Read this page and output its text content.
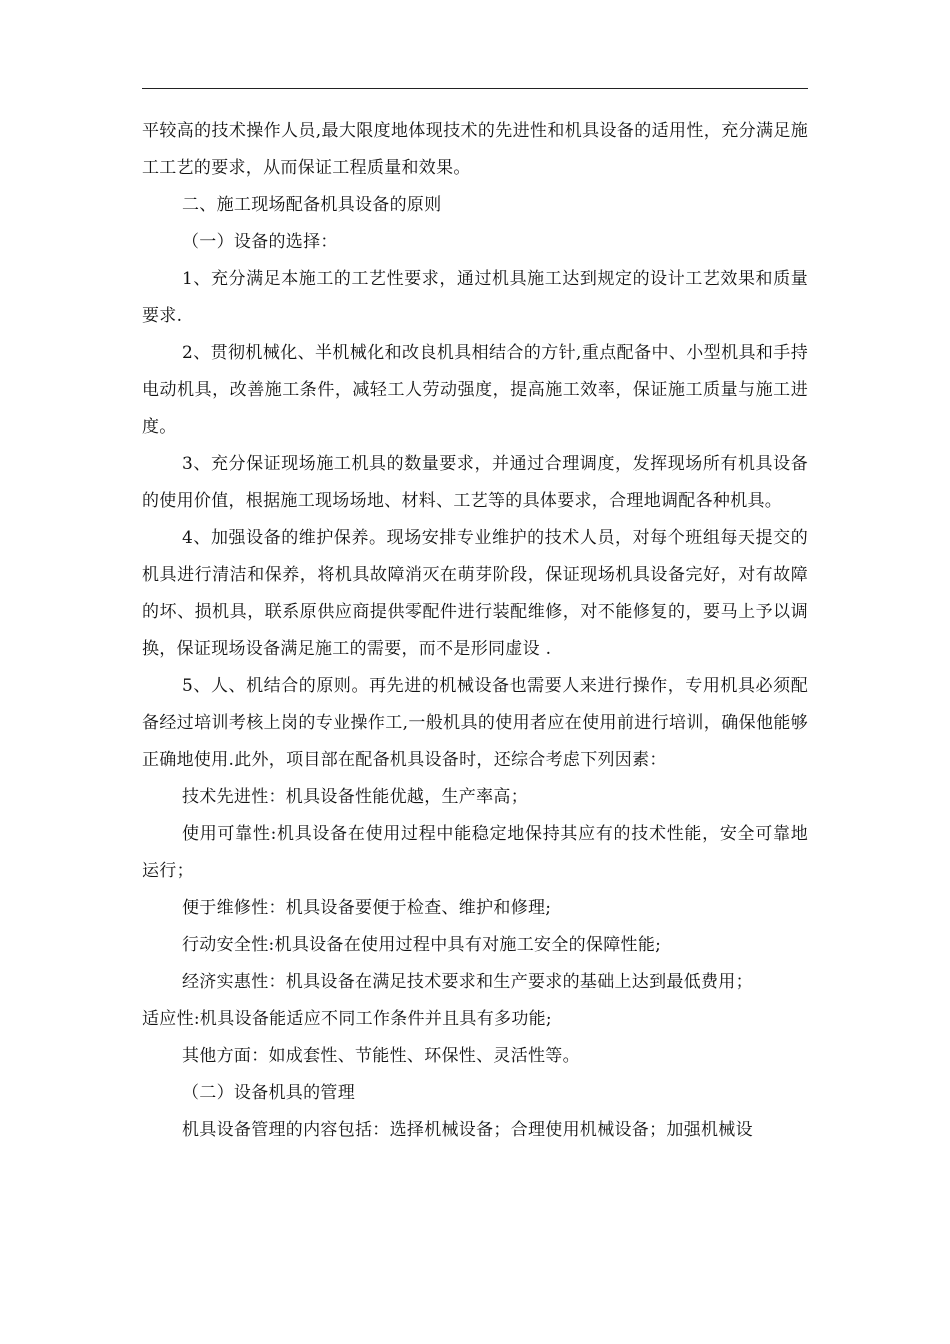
平较高的技术操作人员,最大限度地体现技术的先进性和机具设备的适用性，充分满足施工工艺的要求，从而保证工程质量和效果。

二、施工现场配备机具设备的原则

（一）设备的选择：

1、充分满足本施工的工艺性要求，通过机具施工达到规定的设计工艺效果和质量要求.

2、贯彻机械化、半机械化和改良机具相结合的方针,重点配备中、小型机具和手持电动机具，改善施工条件，减轻工人劳动强度，提高施工效率，保证施工质量与施工进度。

3、充分保证现场施工机具的数量要求，并通过合理调度，发挥现场所有机具设备的使用价值，根据施工现场场地、材料、工艺等的具体要求，合理地调配各种机具。

4、加强设备的维护保养。现场安排专业维护的技术人员，对每个班组每天提交的机具进行清洁和保养，将机具故障消灭在萌芽阶段，保证现场机具设备完好，对有故障的坏、损机具，联系原供应商提供零配件进行装配维修，对不能修复的，要马上予以调换，保证现场设备满足施工的需要，而不是形同虚设 .

5、人、机结合的原则。再先进的机械设备也需要人来进行操作，专用机具必须配备经过培训考核上岗的专业操作工,一般机具的使用者应在使用前进行培训，确保他能够正确地使用.此外，项目部在配备机具设备时，还综合考虑下列因素：

技术先进性：机具设备性能优越，生产率高；

使用可靠性:机具设备在使用过程中能稳定地保持其应有的技术性能，安全可靠地运行；

便于维修性：机具设备要便于检查、维护和修理;

行动安全性:机具设备在使用过程中具有对施工安全的保障性能;

经济实惠性：机具设备在满足技术要求和生产要求的基础上达到最低费用；

适应性:机具设备能适应不同工作条件并且具有多功能;

其他方面：如成套性、节能性、环保性、灵活性等。

（二）设备机具的管理

机具设备管理的内容包括：选择机械设备；合理使用机械设备；加强机械设
